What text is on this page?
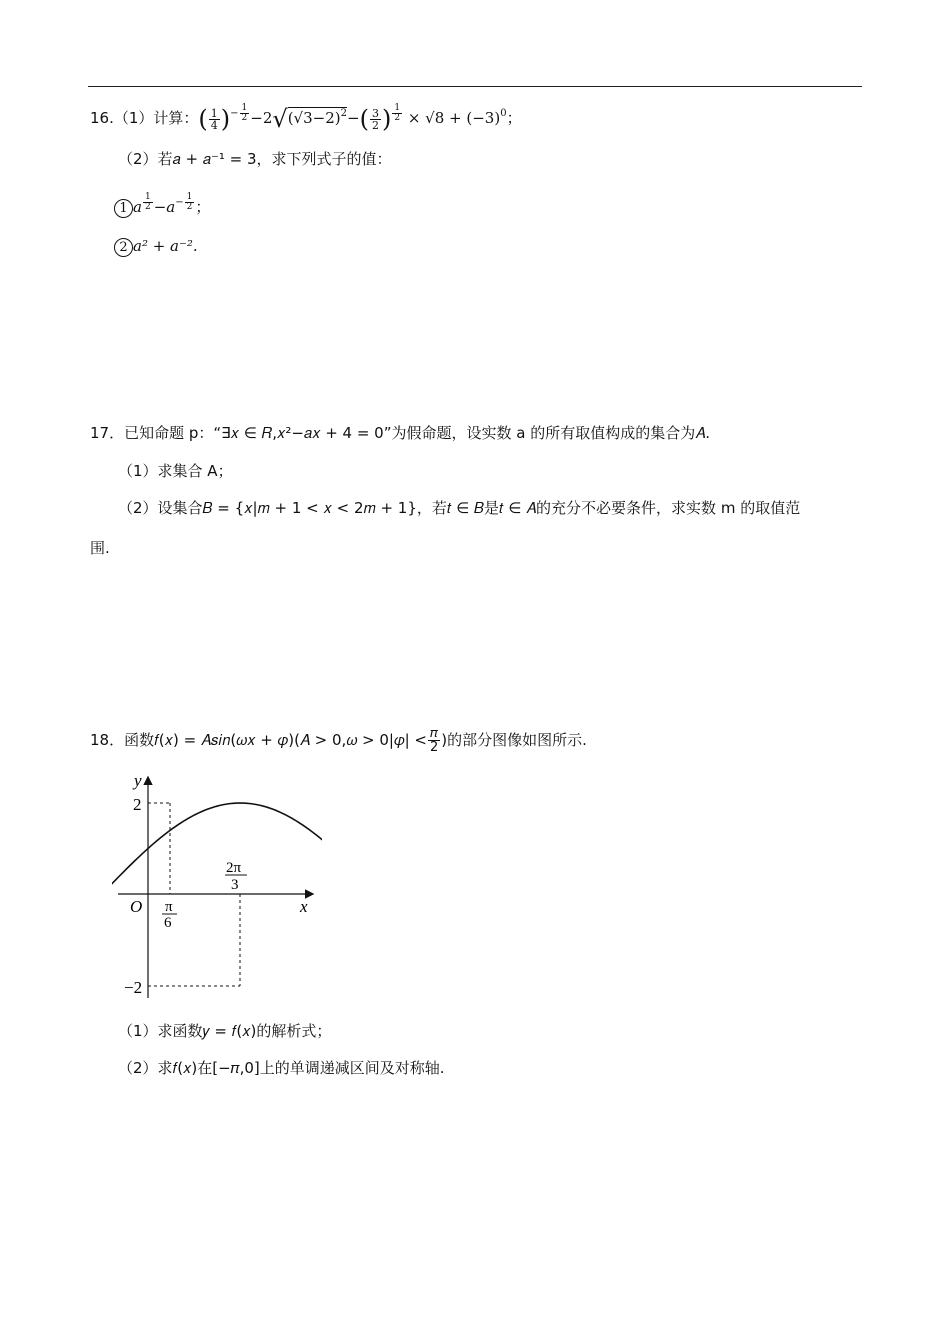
16.（1）计算：( $\frac{1}{4} )^{- \frac{1}{2}} -2√(√3-2)^2-( \frac{3}{2}$ ) $^{\frac{1}{2}} \times √8 + (-3)^0$；
（2）若𝑎 + 𝑎⁻¹ = 3，求下列式子的值：
1 𝑎 $^{\frac{1}{2}}$ −𝑎$^{- \frac{1}{2}}$ ；
2 𝑎² + 𝑎⁻².
17．已知命题 p：“∃𝑥 ∈ 𝑅,𝑥²−𝑎𝑥 + 4 = 0”为假命题，设实数 a 的所有取值构成的集合为𝐴.
（1）求集合 A；
（2）设集合𝐵 = {𝑥|𝑚 + 1 < 𝑥 < 2𝑚 + 1}，若𝑡 ∈ 𝐵是𝑡 ∈ 𝐴的充分不必要条件，求实数 m 的取值范
围.
18．函数𝑓(𝑥) = 𝐴𝑠𝑖𝑛(𝜔𝑥 + 𝜑)(𝐴 > 0,𝜔 > 0|𝜑| < $\frac{\text{𝜋}}{2}$ )的部分图像如图所示.
y
x
O
2
−2
π
6
2π
3
（1）求函数𝑦 = 𝑓(𝑥)的解析式；
（2）求𝑓(𝑥)在[−𝜋,0]上的单调递减区间及对称轴.
